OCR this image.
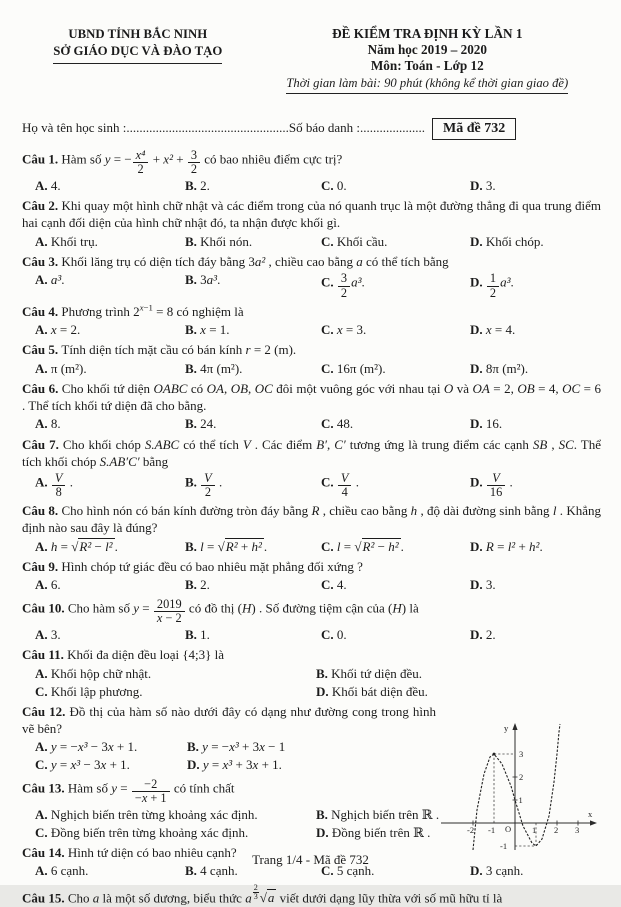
UBND TỈNH BẮC NINH
SỞ GIÁO DỤC VÀ ĐÀO TẠO
ĐỀ KIỂM TRA ĐỊNH KỲ LẦN 1
Năm học 2019 – 2020
Môn: Toán - Lớp 12
Thời gian làm bài: 90 phút (không kể thời gian giao đề)
Họ và tên học sinh : .................................................. Số báo danh : ....................	Mã đề 732
Câu 1. Hàm số y = − $\frac{\text{x⁴}}{2} + x^2 + \frac{3}{2}$ có bao nhiêu điểm cực trị?
A. 4.	B. 2.	C. 0.	D. 3.
Câu 2. Khi quay một hình chữ nhật và các điểm trong của nó quanh trục là một đường thẳng đi qua trung điểm hai cạnh đối diện của hình chữ nhật đó, ta nhận được khối gì.
A. Khối trụ.	B. Khối nón.	C. Khối cầu.	D. Khối chóp.
Câu 3. Khối lăng trụ có diện tích đáy bằng 3a² , chiều cao bằng a có thể tích bằng
A. a³.	B. 3a³.	C. $\frac{3}{2} a^3$.	D. $\frac{1}{2} a^3$.
Câu 4. Phương trình $2^{x-1} = 8$ có nghiệm là
A. x = 2.	B. x = 1.	C. x = 3.	D. x = 4.
Câu 5. Tính diện tích mặt cầu có bán kính r = 2 (m).
A. π (m²).	B. 4π (m²).	C. 16π (m²).	D. 8π (m²).
Câu 6. Cho khối tứ diện OABC có OA, OB, OC đôi một vuông góc với nhau tại O và OA = 2, OB = 4, OC = 6 . Thể tích khối tứ diện đã cho bằng.
A. 8.	B. 24.	C. 48.	D. 16.
Câu 7. Cho khối chóp S.ABC có thể tích V . Các điểm B′, C′ tương ứng là trung điểm các cạnh SB , SC. Thể tích khối chóp S.AB′C′ bằng
A. $\frac{V}{8}$ .	B. $\frac{V}{2}$ .	C. $\frac{V}{4}$ .	D. $\frac{V}{16}$ .
Câu 8. Cho hình nón có bán kính đường tròn đáy bằng R , chiều cao bằng h , độ dài đường sinh bằng l . Khẳng định nào sau đây là đúng?
A. h = √ R² − l² .	B. l = √ R² + h² .	C. l = √ R² − h² .	D. R = l² + h².
Câu 9. Hình chóp tứ giác đều có bao nhiêu mặt phẳng đối xứng ?
A. 6.	B. 2.	C. 4.	D. 3.
Câu 10. Cho hàm số $y = \frac{2019}{x - 2}$ có đồ thị (H) . Số đường tiệm cận của (H) là
A. 3.	B. 1.	C. 0.	D. 2.
Câu 11. Khối đa diện đều loại {4;3} là
A. Khối hộp chữ nhật.	B. Khối tứ diện đều.
C. Khối lập phương.	D. Khối bát diện đều.
Câu 12. Đồ thị của hàm số nào dưới đây có dạng như đường cong trong hình vẽ bên?
A. y = −x³ − 3x + 1.	B. y = −x³ + 3x − 1
C. y = x³ − 3x + 1.	D. y = x³ + 3x + 1.
Câu 13. Hàm số $y = \frac{-2}{-x + 1}$ có tính chất
A. Nghịch biến trên từng khoảng xác định.	B. Nghịch biến trên ℝ .
C. Đồng biến trên từng khoảng xác định.	D. Đồng biến trên ℝ .
Câu 14. Hình tứ diện có bao nhiêu cạnh?
A. 6 cạnh.	B. 4 cạnh.	C. 5 cạnh.	D. 3 cạnh.
Câu 15. Cho a là một số dương, biểu thức a $^{\frac{2}{3}}$ √ a viết dưới dạng lũy thừa với số mũ hữu tỉ là
y
x
O
-2 -1	1 2 3
3
2
1
-1
Trang 1/4 - Mã đề 732
